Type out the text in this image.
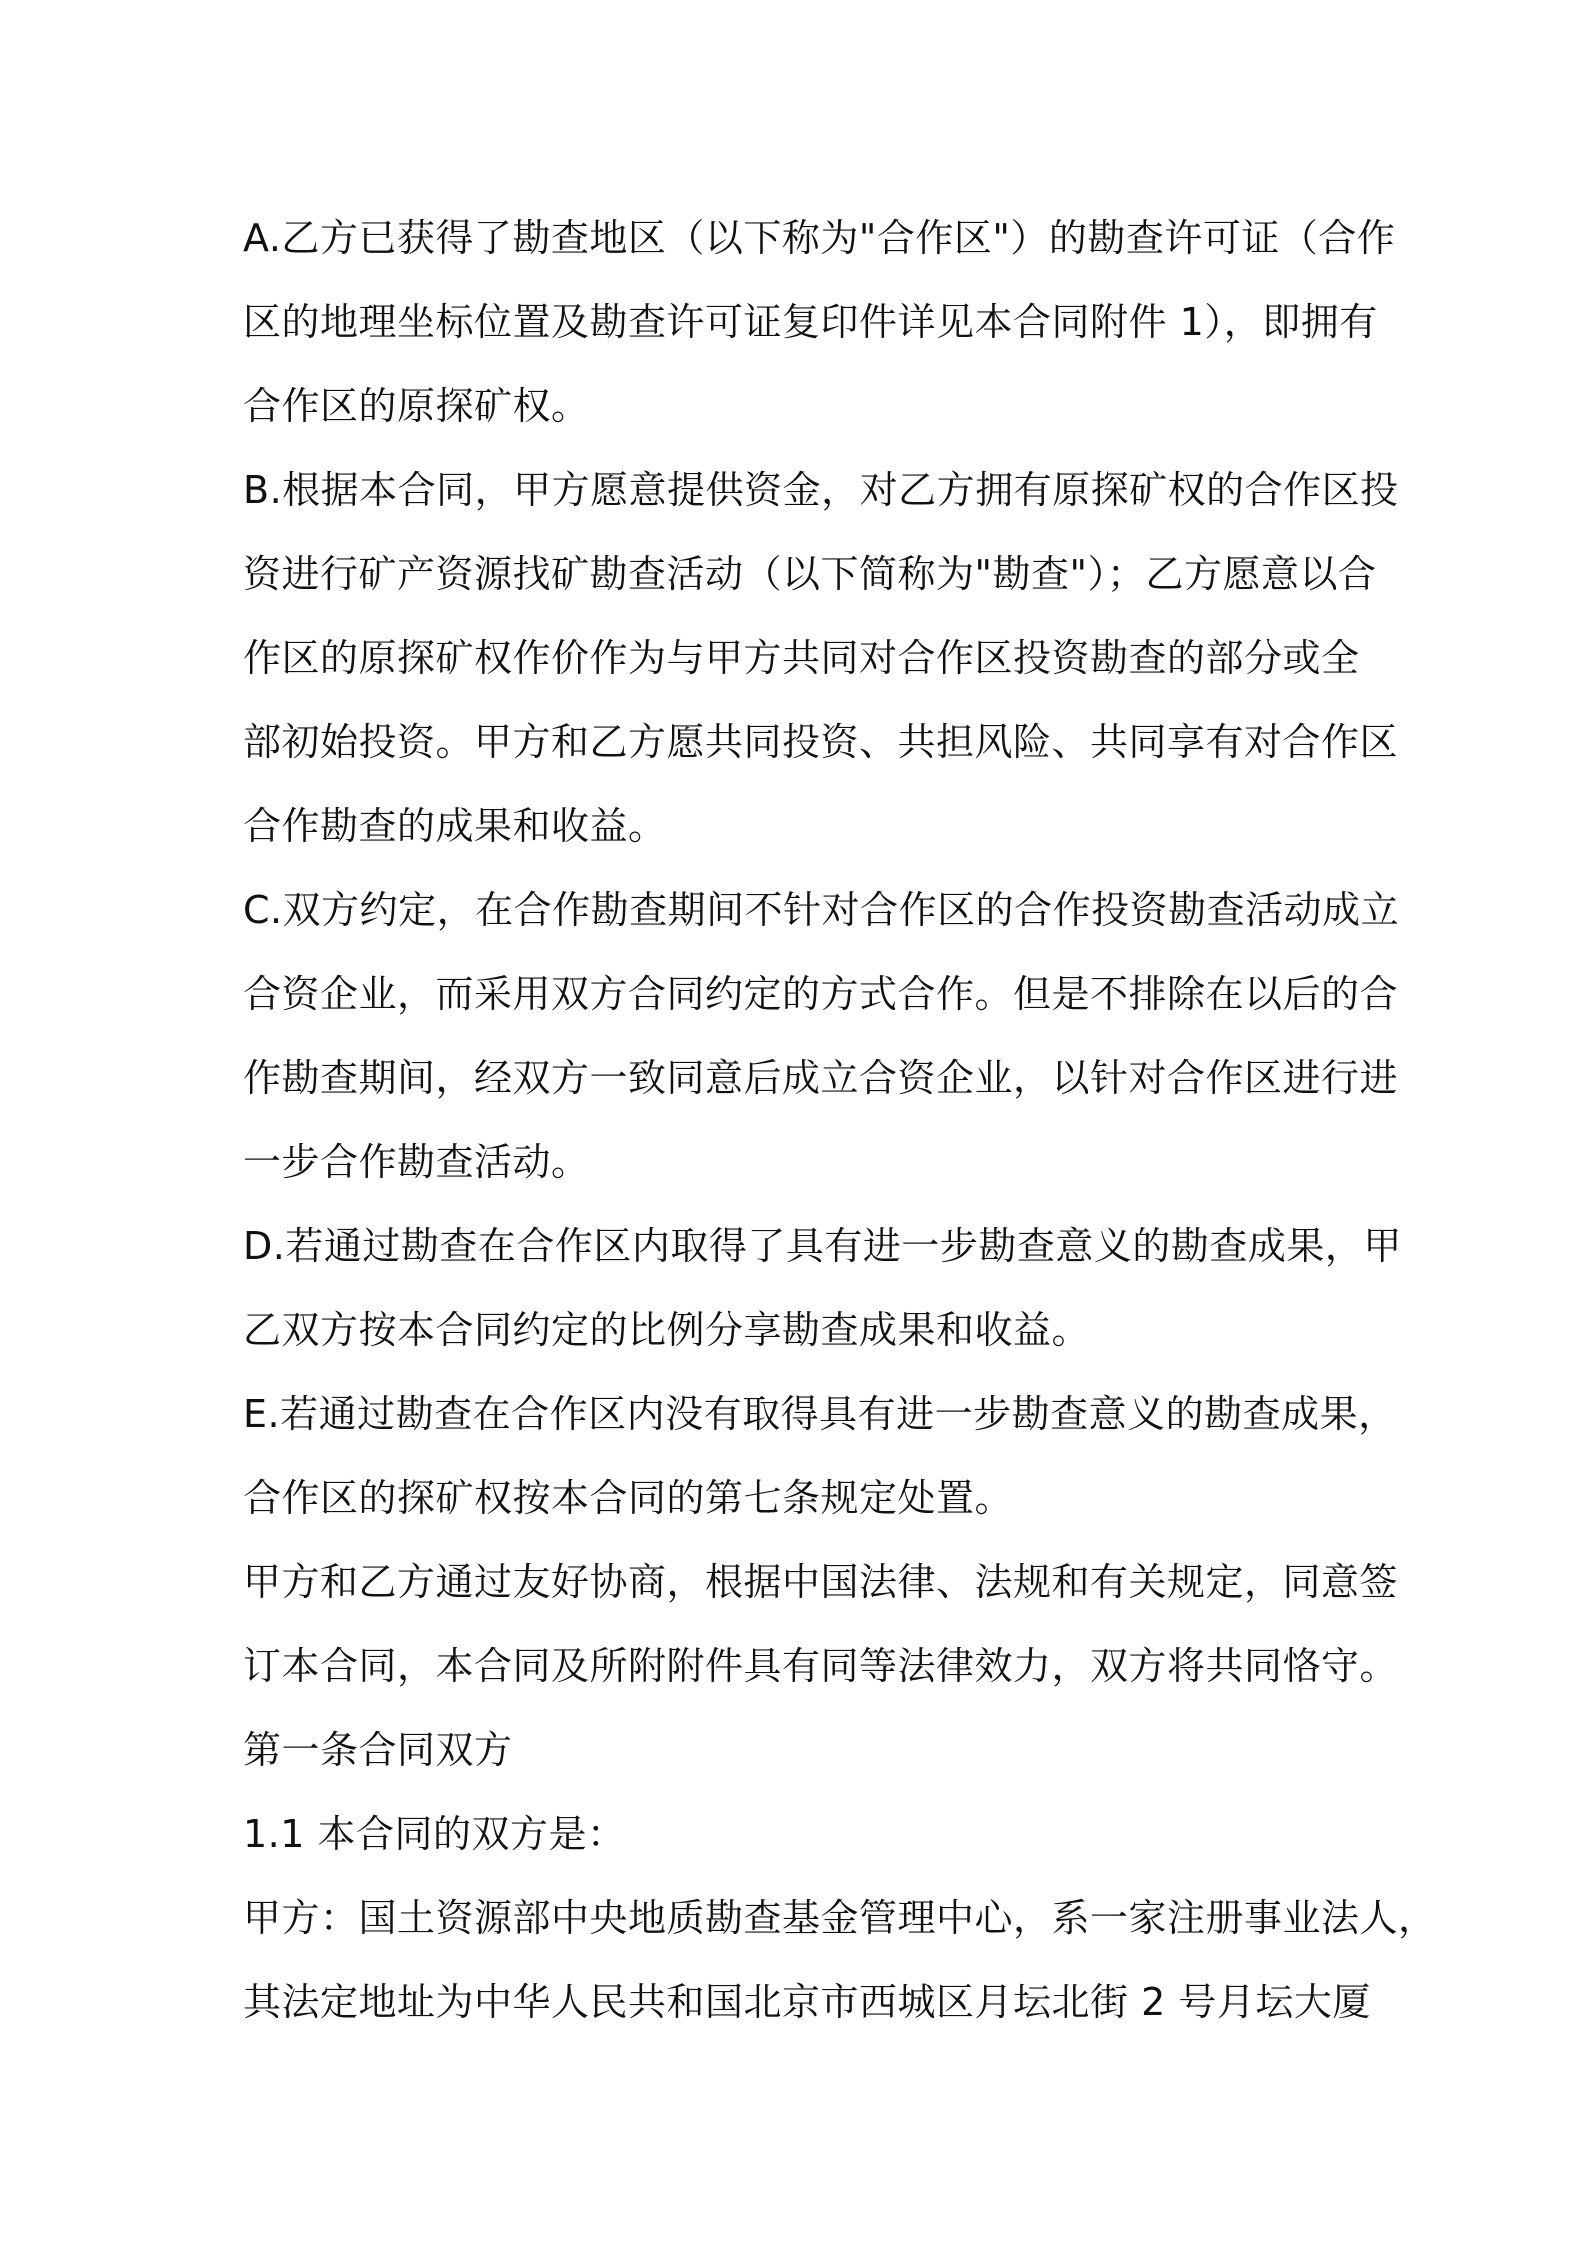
A.乙方已获得了勘查地区（以下称为"合作区"）的勘查许可证（合作
区的地理坐标位置及勘查许可证复印件详见本合同附件 1），即拥有
合作区的原探矿权。
B.根据本合同，甲方愿意提供资金，对乙方拥有原探矿权的合作区投
资进行矿产资源找矿勘查活动（以下简称为"勘查"）；乙方愿意以合
作区的原探矿权作价作为与甲方共同对合作区投资勘查的部分或全
部初始投资。甲方和乙方愿共同投资、共担风险、共同享有对合作区
合作勘查的成果和收益。
C.双方约定，在合作勘查期间不针对合作区的合作投资勘查活动成立
合资企业，而采用双方合同约定的方式合作。但是不排除在以后的合
作勘查期间，经双方一致同意后成立合资企业，以针对合作区进行进
一步合作勘查活动。
D.若通过勘查在合作区内取得了具有进一步勘查意义的勘查成果，甲
乙双方按本合同约定的比例分享勘查成果和收益。
E.若通过勘查在合作区内没有取得具有进一步勘查意义的勘查成果，
合作区的探矿权按本合同的第七条规定处置。
甲方和乙方通过友好协商，根据中国法律、法规和有关规定，同意签
订本合同，本合同及所附附件具有同等法律效力，双方将共同恪守。
第一条合同双方
1.1 本合同的双方是：
甲方：国土资源部中央地质勘查基金管理中心，系一家注册事业法人，
其法定地址为中华人民共和国北京市西城区月坛北街 2 号月坛大厦
